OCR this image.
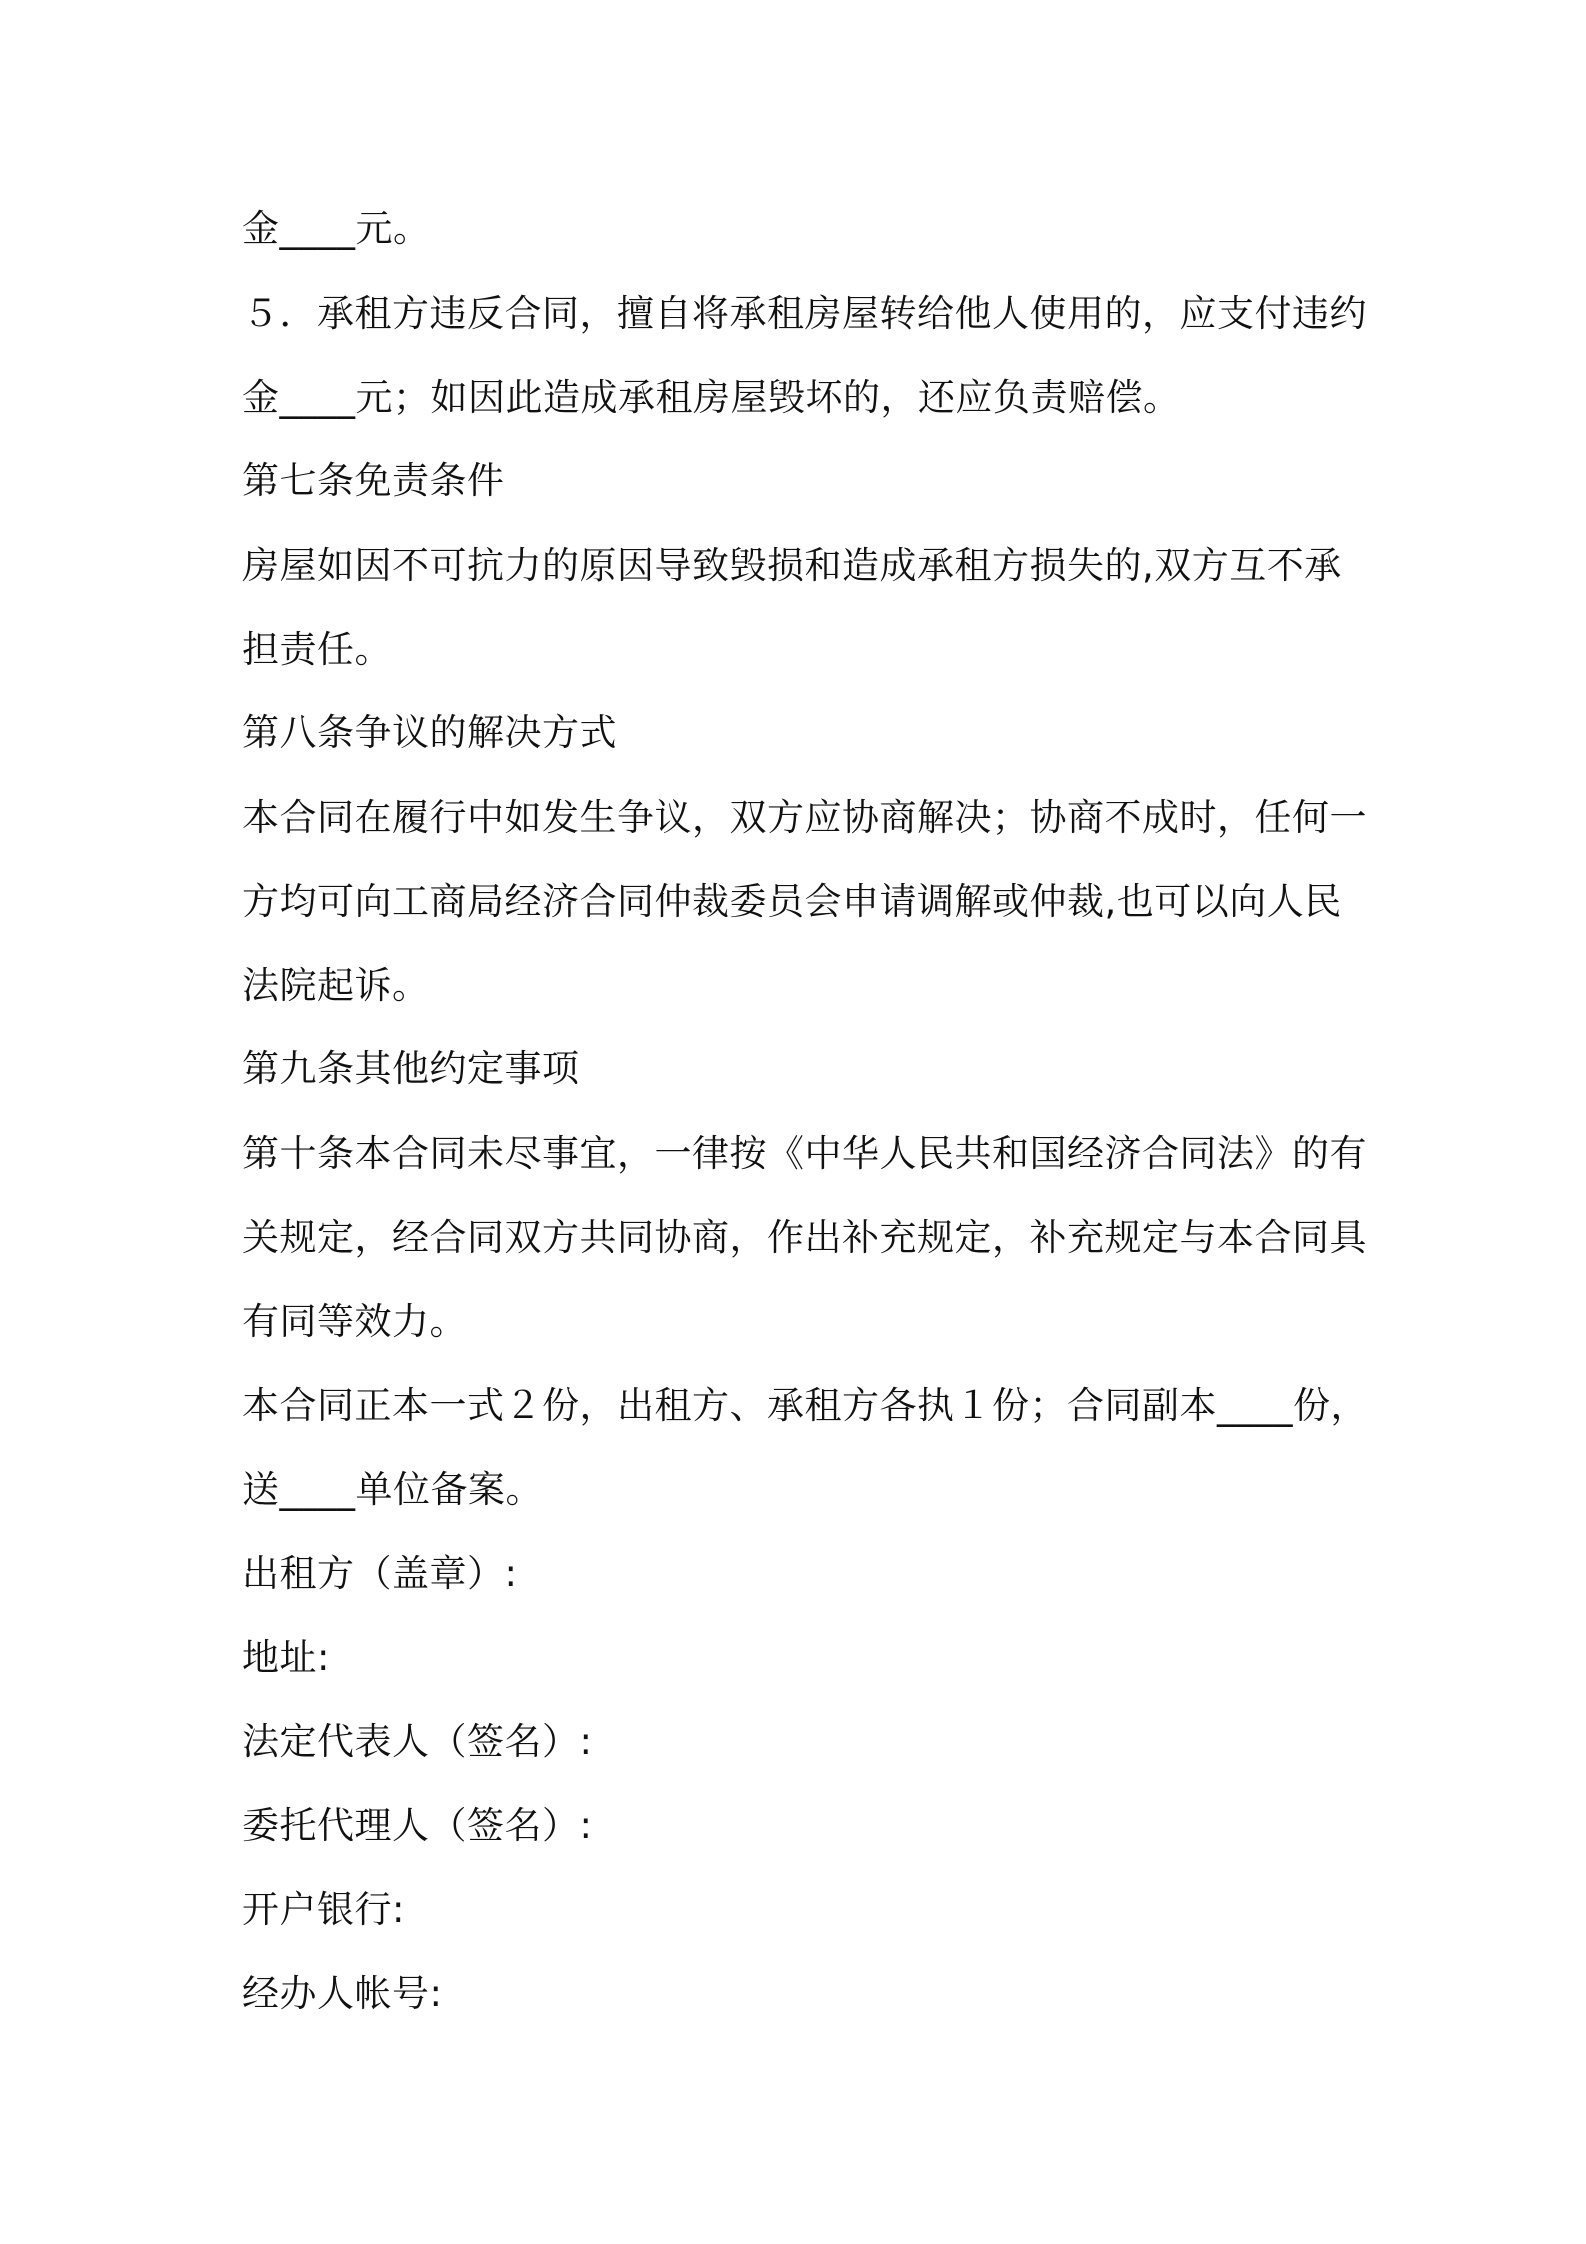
金____元。
５．承租方违反合同，擅自将承租房屋转给他人使用的，应支付违约
金____元；如因此造成承租房屋毁坏的，还应负责赔偿。
第七条免责条件
房屋如因不可抗力的原因导致毁损和造成承租方损失的,双方互不承
担责任。
第八条争议的解决方式
本合同在履行中如发生争议，双方应协商解决；协商不成时，任何一
方均可向工商局经济合同仲裁委员会申请调解或仲裁,也可以向人民
法院起诉。
第九条其他约定事项
第十条本合同未尽事宜，一律按《中华人民共和国经济合同法》的有
关规定，经合同双方共同协商，作出补充规定，补充规定与本合同具
有同等效力。
本合同正本一式２份，出租方、承租方各执１份；合同副本____份，
送____单位备案。
出租方（盖章）:
地址:
法定代表人（签名）:
委托代理人（签名）:
开户银行:
经办人帐号:
